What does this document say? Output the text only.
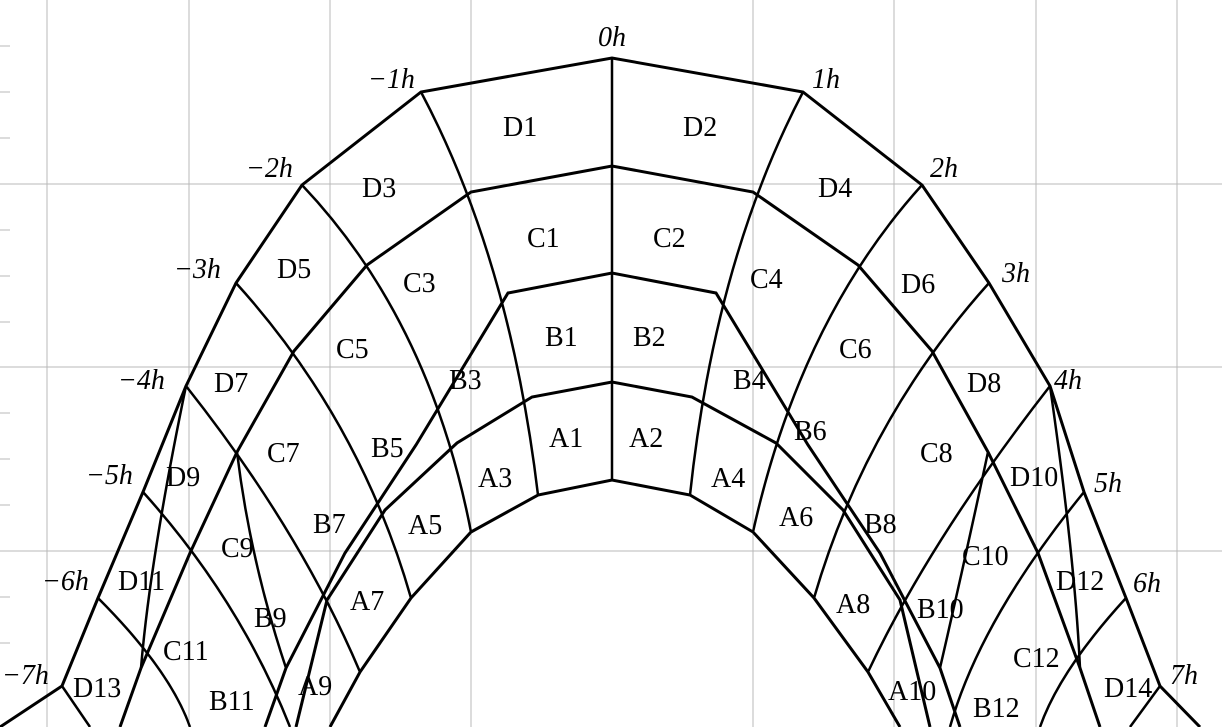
0h
−1h	1h
−2h	2h
−3h	3h
−4h	4h
−5h	5h
−6h	6h
−7h	7h
D1	D2
D3	D4
D5	D6
D7	D8
D9	D10
D11	D12
D13	D14
C1	C2
C3	C4
C5	C6
C7	C8
C9	C10
C11	C12
B1 B2
B3	B4
B5
B6
B7	B8
B9	B10
B11	B12
A1 A2
A3	A4
A5	A6
A7	A8
A9	A10
